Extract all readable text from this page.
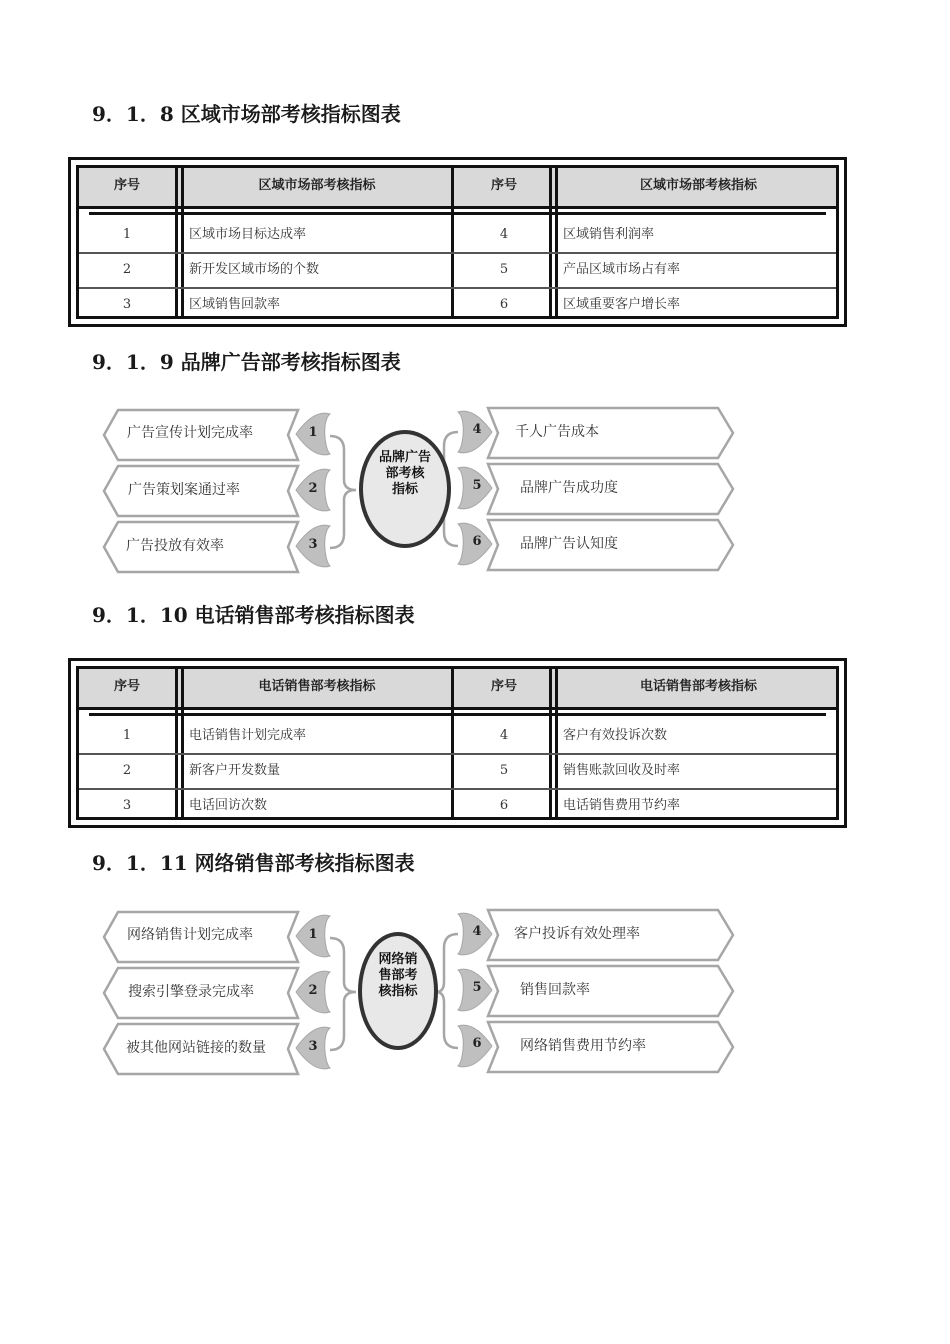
9．1．8 区域市场部考核指标图表
序号	区域市场部考核指标	序号	区域市场部考核指标
1	区域市场目标达成率	4	区域销售利润率
2	新开发区域市场的个数	5	产品区域市场占有率
3	区域销售回款率	6	区域重要客户增长率
9．1．9 品牌广告部考核指标图表
广告宣传计划完成率
广告策划案通过率
广告投放有效率
1
2
3
品牌广告
部考核
指标
4
5
6
千人广告成本
品牌广告成功度
品牌广告认知度
9．1．10 电话销售部考核指标图表
序号	电话销售部考核指标	序号	电话销售部考核指标
1	电话销售计划完成率	4	客户有效投诉次数
2	新客户开发数量	5	销售账款回收及时率
3	电话回访次数	6	电话销售费用节约率
9．1．11 网络销售部考核指标图表
网络销售计划完成率
搜索引擎登录完成率
被其他网站链接的数量
1
2
3
网络销
售部考
核指标
4
5
6
客户投诉有效处理率
销售回款率
网络销售费用节约率
